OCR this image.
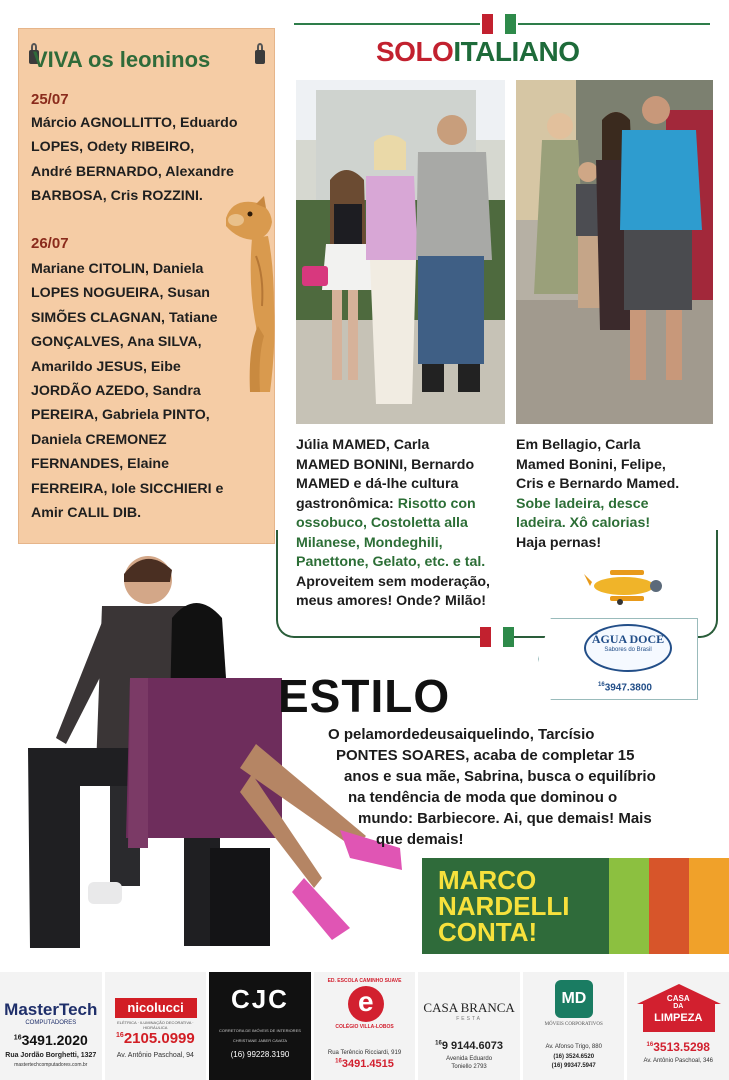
VIVA os leoninos
25/07
Márcio AGNOLLITTO, Eduardo
LOPES, Odety RIBEIRO,
André BERNARDO, Alexandre
BARBOSA, Cris ROZZINI.
26/07
Mariane CITOLIN, Daniela
LOPES NOGUEIRA, Susan
SIMÕES CLAGNAN, Tatiane
GONÇALVES, Ana SILVA,
Amarildo JESUS, Eibe
JORDÃO AZEDO, Sandra
PEREIRA, Gabriela PINTO,
Daniela CREMONEZ
FERNANDES, Elaine
FERREIRA, Iole SICCHIERI e
Amir CALIL DIB.
SOLOITALIANO
Júlia MAMED, Carla
MAMED BONINI, Bernardo
MAMED e dá-lhe cultura
gastronômica: Risotto con
ossobuco, Costoletta alla
Milanese, Mondeghili,
Panettone, Gelato, etc. e tal.
Aproveitem sem moderação,
meus amores! Onde? Milão!
Em Bellagio, Carla
Mamed Bonini, Felipe,
Cris e Bernardo Mamed.
Sobe ladeira, desce
ladeira. Xô calorias!
Haja pernas!
ÁGUA DOCE
Sabores do Brasil
$^{16}$3947.3800
ESTILO
O pelamordedeusaiquelindo, Tarcísio
PONTES SOARES, acaba de completar 15
anos e sua mãe, Sabrina, busca o equilíbrio
na tendência de moda que dominou o
mundo: Barbiecore. Ai, que demais! Mais
que demais!
MARCO
NARDELLI
CONTA!
MasterTech
COMPUTADORES
$^{16}$3491.2020
Rua Jordão Borghetti, 1327
mastertechcomputadores.com.br
nicolucci
ELÉTRICA · ILUMINAÇÃO DECORATIVA · HIDRÁULICA
$^{16}$2105.0999
Av. Antônio Paschoal, 94
CJC
CORRETORA DE IMÓVEIS DE INTERIORES
CHRISTIANE JABER CAVATA
(16) 99228.3190
ED. ESCOLA CAMINHO SUAVE
e
COLÉGIO VILLA-LOBOS
Rua Terêncio Ricciardi, 919
$^{16}$3491.4515
CASA BRANCA
FESTA
$^{16}$9 9144.6073
Avenida Eduardo
Toniello 2793
MD
MÓVEIS CORPORATIVOS
Av. Afonso Trigo, 880
(16) 3524.6520
(16) 99347.5947
CASA
DA
LIMPEZA
$^{16}$3513.5298
Av. Antônio Paschoal, 346
